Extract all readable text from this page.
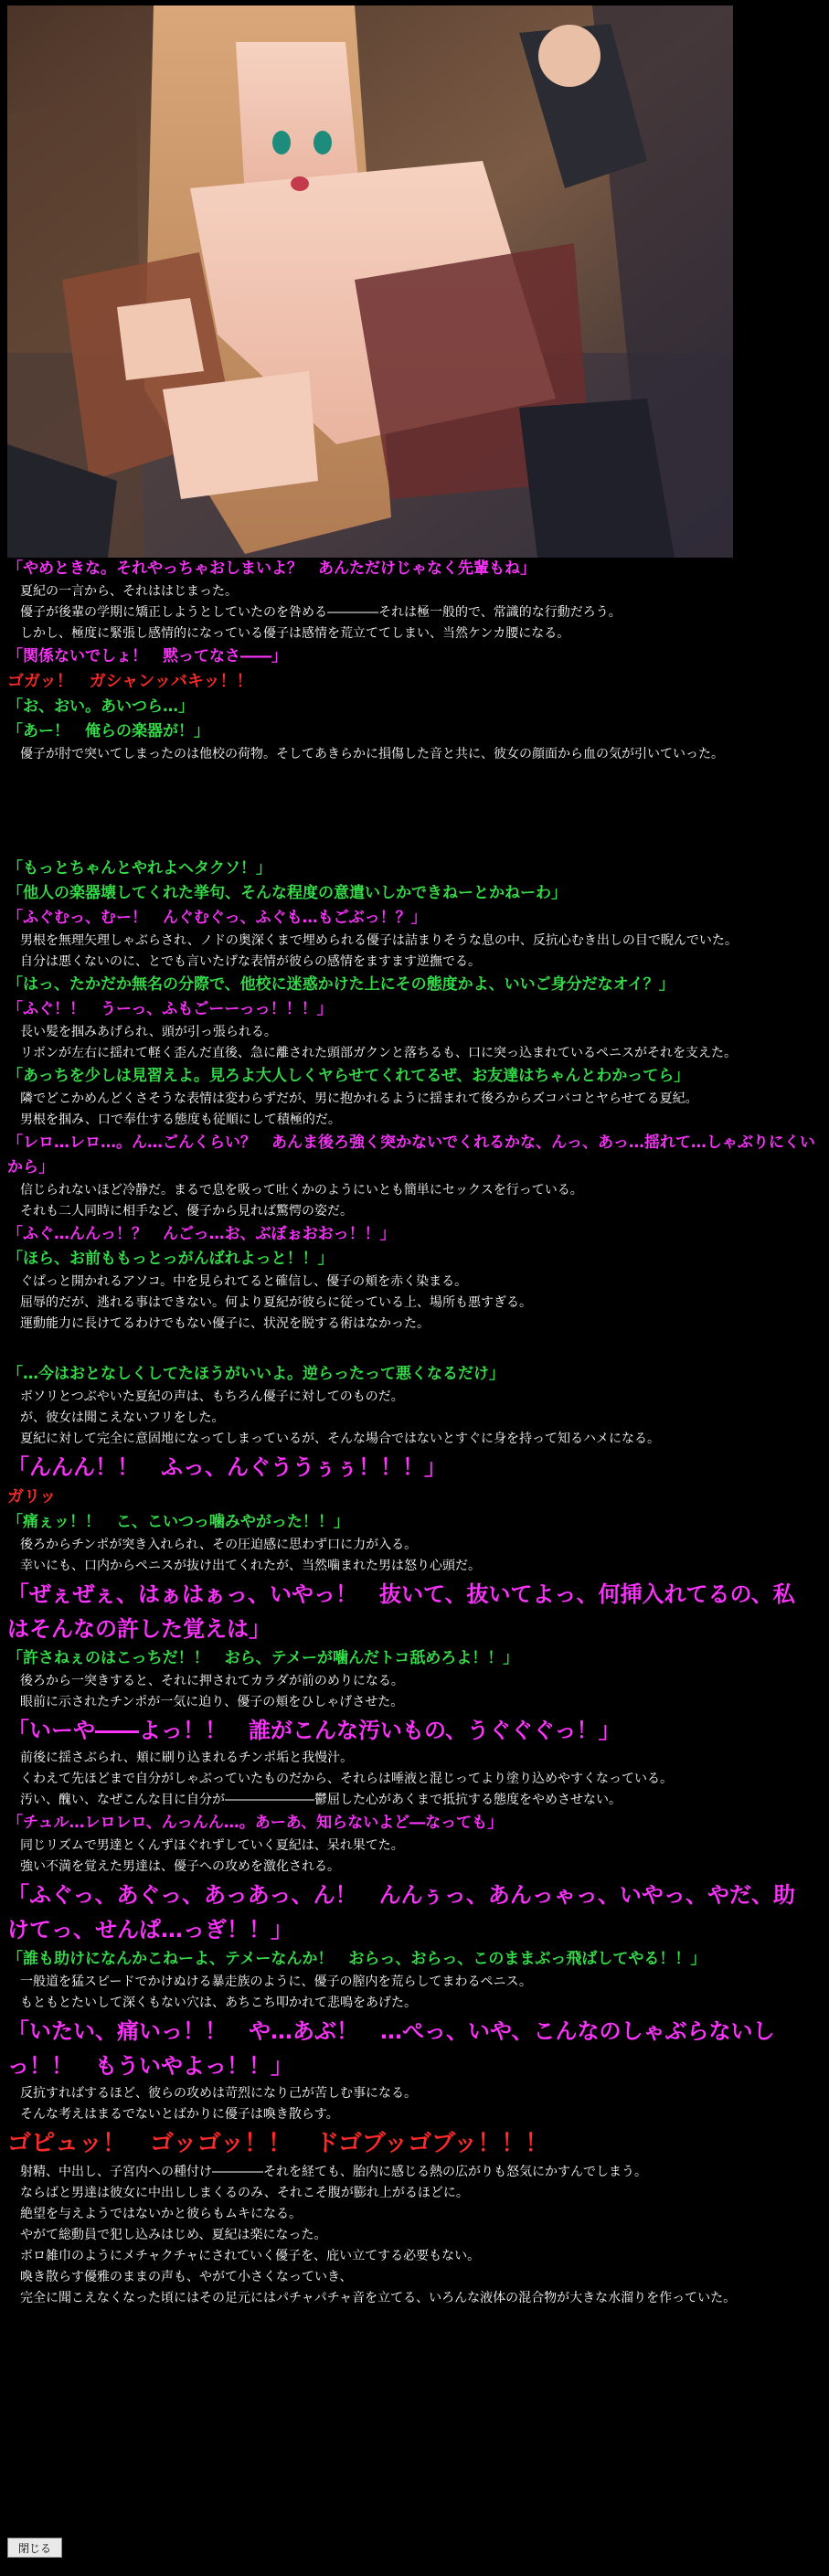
「やめときな。それやっちゃおしまいよ？　あんただけじゃなく先輩もね」

夏紀の一言から、それははじまった。

優子が後輩の学期に矯正しようとしていたのを咎める――――それは極一般的で、常識的な行動だろう。

しかし、極度に緊張し感情的になっている優子は感情を荒立ててしまい、当然ケンカ腰になる。

「関係ないでしょ！　黙ってなさ――」

ゴガッ！　ガシャンッバキッ！！

「お、おい。あいつら…」

「あー！　俺らの楽器が！」

優子が肘で突いてしまったのは他校の荷物。そしてあきらかに損傷した音と共に、彼女の顔面から血の気が引いていった。

「もっとちゃんとやれよヘタクソ！」

「他人の楽器壊してくれた挙句、そんな程度の意遣いしかできねーとかねーわ」

「ふぐむっ、むー！　んぐむぐっ、ふぐも…もごぶっ！？」

男根を無理矢理しゃぶらされ、ノドの奥深くまで埋められる優子は詰まりそうな息の中、反抗心むき出しの目で睨んでいた。

自分は悪くないのに、とでも言いたげな表情が彼らの感情をますます逆撫でる。

「はっ、たかだか無名の分際で、他校に迷惑かけた上にその態度かよ、いいご身分だなオイ？」

「ふぐ！！　うーっ、ふもごーーっっ！！！」

長い髪を掴みあげられ、頭が引っ張られる。

リボンが左右に揺れて軽く歪んだ直後、急に離された頭部ガクンと落ちるも、口に突っ込まれているペニスがそれを支えた。

「あっちを少しは見習えよ。見ろよ大人しくヤらせてくれてるぜ、お友達はちゃんとわかってら」

隣でどこかめんどくさそうな表情は変わらずだが、男に抱かれるように揺まれて後ろからズコバコとヤらせてる夏紀。

男根を掴み、口で奉仕する態度も従順にして積極的だ。

「レロ…レロ…。ん…ごんくらい？　あんま後ろ強く突かないでくれるかな、んっ、あっ…揺れて…しゃぶりにくいから」

信じられないほど冷静だ。まるで息を吸って吐くかのようにいとも簡単にセックスを行っている。

それも二人同時に相手など、優子から見れば驚愕の姿だ。

「ふぐ…んんっ！？　んごっ…お、ぶぼぉおおっ！！」

「ほら、お前ももっとっがんばれよっと！！」

ぐぱっと開かれるアソコ。中を見られてると確信し、優子の頬を赤く染まる。

屈辱的だが、逃れる事はできない。何より夏紀が彼らに従っている上、場所も悪すぎる。

運動能力に長けてるわけでもない優子に、状況を脱する術はなかった。

「…今はおとなしくしてたほうがいいよ。逆らったって悪くなるだけ」

ボソリとつぶやいた夏紀の声は、もちろん優子に対してのものだ。

が、彼女は聞こえないフリをした。

夏紀に対して完全に意固地になってしまっているが、そんな場合ではないとすぐに身を持って知るハメになる。

「んんん！！　ふっ、んぐううぅぅ！！！」

ガリッ

「痛ぇッ！！　こ、こいつっ噛みやがった！！」

後ろからチンポが突き入れられ、その圧迫感に思わず口に力が入る。

幸いにも、口内からペニスが抜け出てくれたが、当然噛まれた男は怒り心頭だ。

「ぜぇぜぇ、はぁはぁっ、いやっ！　抜いて、抜いてよっ、何挿入れてるの、私はそんなの許した覚えは」

「許さねぇのはこっちだ！！　おら、テメーが噛んだトコ舐めろよ！！」

後ろから一突きすると、それに押されてカラダが前のめりになる。

眼前に示されたチンポが一気に迫り、優子の頬をひしゃげさせた。

「いーや――よっ！！　誰がこんな汚いもの、うぐぐぐっ！」

前後に揺さぶられ、頬に刷り込まれるチンポ垢と我慢汁。

くわえて先ほどまで自分がしゃぶっていたものだから、それらは唾液と混じってより塗り込めやすくなっている。

汚い、醜い、なぜこんな目に自分が―――――――鬱屈した心があくまで抵抗する態度をやめさせない。

「チュル…レロレロ、んっんん…。あーあ、知らないよど―なっても」

同じリズムで男達とくんずほぐれずしていく夏紀は、呆れ果てた。

強い不満を覚えた男達は、優子への攻めを激化される。

「ふぐっ、あぐっ、あっあっ、ん！　んんぅっ、あんっゃっ、いやっ、やだ、助けてっ、せんぱ…っぎ！！」

「誰も助けになんかこねーよ、テメーなんか！　おらっ、おらっ、このままぶっ飛ばしてやる！！」

一般道を猛スピードでかけぬける暴走族のように、優子の膣内を荒らしてまわるペニス。

もともとたいして深くもない穴は、あちこち叩かれて悲鳴をあげた。

「いたい、痛いっ！！　や…あぶ！　…ぺっ、いや、こんなのしゃぶらないしっ！！　もういやよっ！！」

反抗すればするほど、彼らの攻めは苛烈になり己が苦しむ事になる。

そんな考えはまるでないとばかりに優子は喚き散らす。

ゴピュッ！　ゴッゴッ！！　ドゴブッゴブッ！！！

射精、中出し、子宮内への種付け――――それを経ても、胎内に感じる熱の広がりも怒気にかすんでしまう。

ならばと男達は彼女に中出ししまくるのみ、それこそ腹が膨れ上がるほどに。

絶望を与えようではないかと彼らもムキになる。

やがて総動員で犯し込みはじめ、夏紀は楽になった。

ボロ雑巾のようにメチャクチャにされていく優子を、庇い立てする必要もない。

喚き散らす優雅のままの声も、やがて小さくなっていき、

完全に聞こえなくなった頃にはその足元にはパチャパチャ音を立てる、いろんな液体の混合物が大きな水溜りを作っていた。

閉じる
